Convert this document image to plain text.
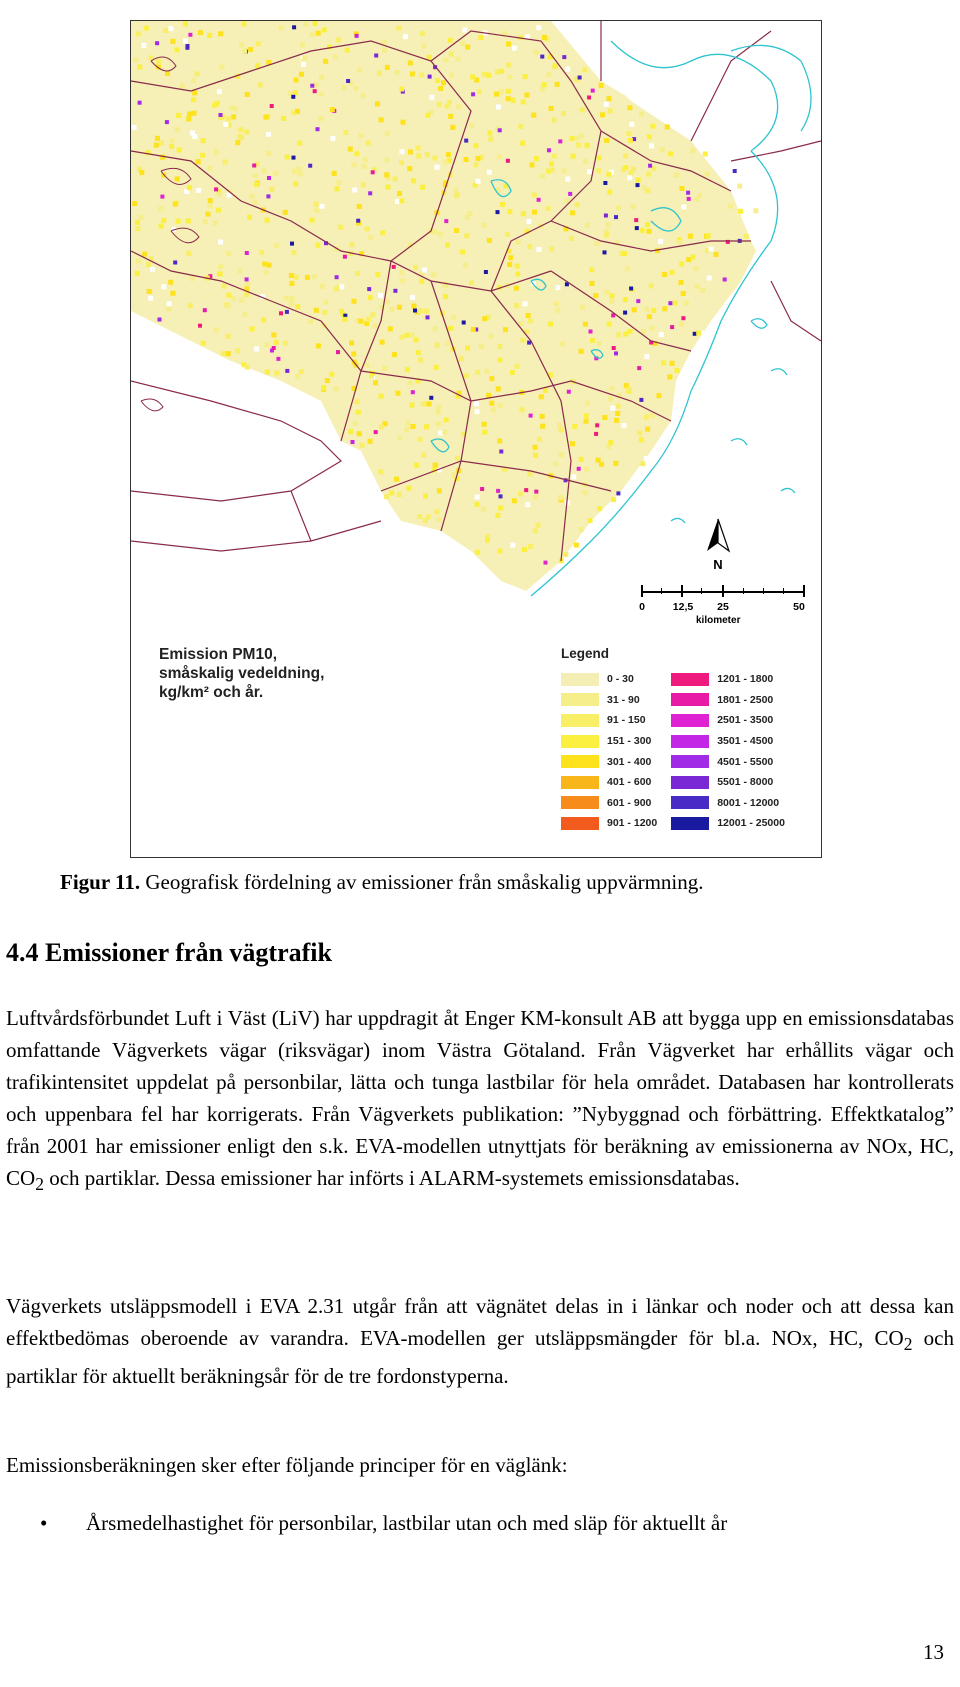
N
0	12,5 25	50
kilometer
Emission PM10,
småskalig vedeldning,
kg/km² och år.
Legend
0 - 30
31 - 90
91 - 150
151 - 300
301 - 400
401 - 600
601 - 900
901 - 1200
1201 - 1800
1801 - 2500
2501 - 3500
3501 - 4500
4501 - 5500
5501 - 8000
8001 - 12000
12001 - 25000
Figur 11. Geografisk fördelning av emissioner från småskalig uppvärmning.
4.4 Emissioner från vägtrafik
Luftvårdsförbundet Luft i Väst (LiV) har uppdragit åt Enger KM-konsult AB att bygga upp en emissionsdatabas omfattande Vägverkets vägar (riksvägar) inom Västra Götaland. Från Vägverket har erhållits vägar och trafikintensitet uppdelat på personbilar, lätta och tunga lastbilar för hela området. Databasen har kontrollerats och uppenbara fel har korrigerats. Från Vägverkets publikation: ”Nybyggnad och förbättring. Effektkatalog” från 2001 har emissioner enligt den s.k. EVA-modellen utnyttjats för beräkning av emissionerna av NOx, HC, $CO_2$ och partiklar. Dessa emissioner har införts i ALARM-systemets emissionsdatabas.
Vägverkets utsläppsmodell i EVA 2.31 utgår från att vägnätet delas in i länkar och noder och att dessa kan effektbedömas oberoende av varandra. EVA-modellen ger utsläppsmängder för bl.a. NOx, HC, $CO_2$ och partiklar för aktuellt beräkningsår för de tre fordonstyperna.
Emissionsberäkningen sker efter följande principer för en väglänk:
•	Årsmedelhastighet för personbilar, lastbilar utan och med släp för aktuellt år
13
